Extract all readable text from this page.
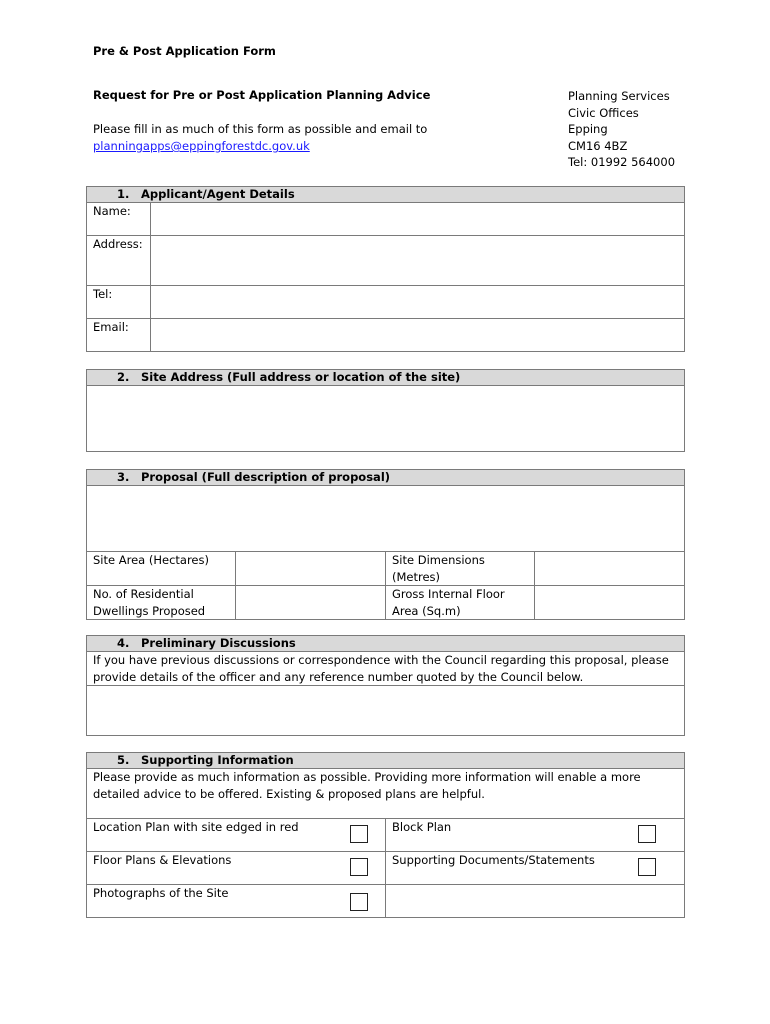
Pre & Post Application Form
Request for Pre or Post Application Planning Advice
Please fill in as much of this form as possible and email to
planningapps@eppingforestdc.gov.uk
Planning Services
Civic Offices
Epping
CM16 4BZ
Tel: 01992 564000
1. Applicant/Agent Details	
Name:	
Address:	
Tel:	
Email:	
2. Site Address (Full address or location of the site)

3. Proposal (Full description of proposal)			

Site Area (Hectares)		Site Dimensions (Metres)	
No. of Residential Dwellings Proposed		Gross Internal Floor Area (Sq.m)	
4. Preliminary Discussions
If you have previous discussions or correspondence with the Council regarding this proposal, please provide details of the officer and any reference number quoted by the Council below.

5. Supporting Information	
Please provide as much information as possible. Providing more information will enable a more detailed advice to be offered. Existing & proposed plans are helpful.	
Location Plan with site edged in red	Block Plan

Floor Plans & Elevations	Supporting Documents/Statements

Photographs of the Site
